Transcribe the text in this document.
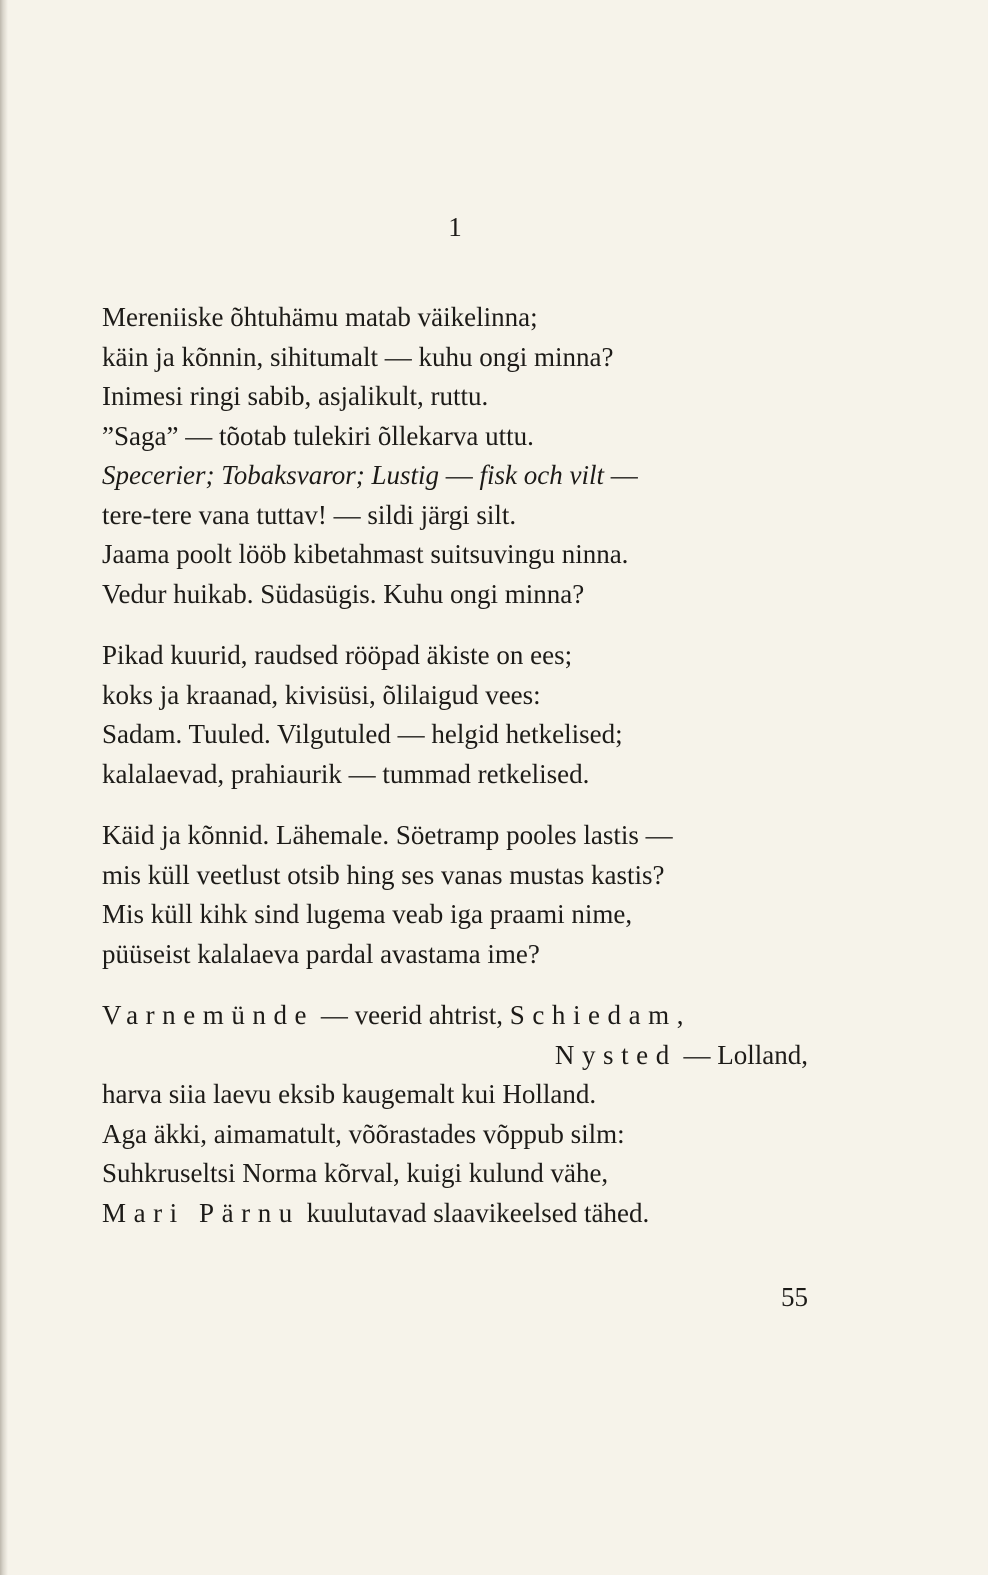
1
Mereniiske õhtuhämu matab väikelinna;
käin ja kõnnin, sihitumalt — kuhu ongi minna?
Inimesi ringi sabib, asjalikult, ruttu.
”Saga” — tõotab tulekiri õllekarva uttu.
Specerier; Tobaksvaror; Lustig — fisk och vilt —
tere-tere vana tuttav! — sildi järgi silt.
Jaama poolt lööb kibetahmast suitsuvingu ninna.
Vedur huikab. Südasügis. Kuhu ongi minna?
Pikad kuurid, raudsed rööpad äkiste on ees;
koks ja kraanad, kivisüsi, õlilaigud vees:
Sadam. Tuuled. Vilgutuled — helgid hetkelised;
kalalaevad, prahiaurik — tummad retkelised.
Käid ja kõnnid. Lähemale. Söetramp pooles lastis —
mis küll veetlust otsib hing ses vanas mustas kastis?
Mis küll kihk sind lugema veab iga praami nime,
püüseist kalalaeva pardal avastama ime?
Varnemünde — veerid ahtrist, Schiedam,
Nysted — Lolland,
harva siia laevu eksib kaugemalt kui Holland.
Aga äkki, aimamatult, võõrastades võppub silm:
Suhkruseltsi Norma kõrval, kuigi kulund vähe,
Mari Pärnu kuulutavad slaavikeelsed tähed.
55
